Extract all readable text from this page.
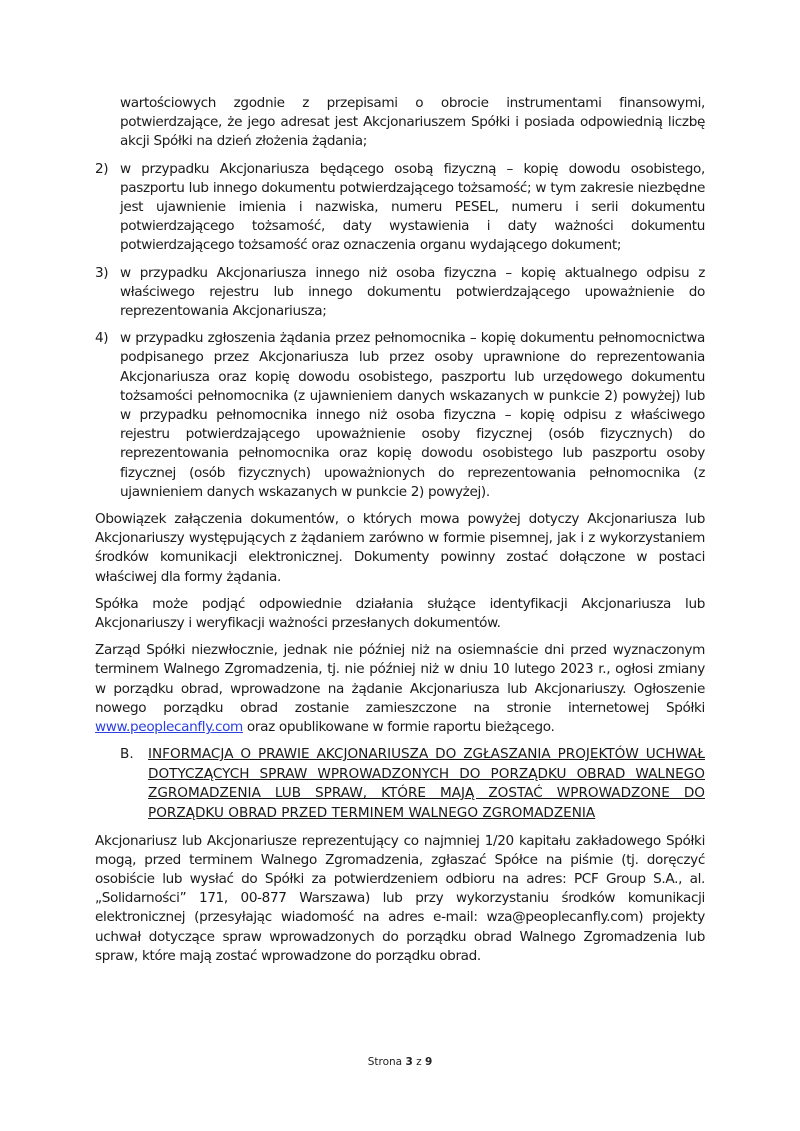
wartościowych zgodnie z przepisami o obrocie instrumentami finansowymi, potwierdzające, że jego adresat jest Akcjonariuszem Spółki i posiada odpowiednią liczbę akcji Spółki na dzień złożenia żądania;

2) w przypadku Akcjonariusza będącego osobą fizyczną – kopię dowodu osobistego, paszportu lub innego dokumentu potwierdzającego tożsamość; w tym zakresie niezbędne jest ujawnienie imienia i nazwiska, numeru PESEL, numeru i serii dokumentu potwierdzającego tożsamość, daty wystawienia i daty ważności dokumentu potwierdzającego tożsamość oraz oznaczenia organu wydającego dokument;
3) w przypadku Akcjonariusza innego niż osoba fizyczna – kopię aktualnego odpisu z właściwego rejestru lub innego dokumentu potwierdzającego upoważnienie do reprezentowania Akcjonariusza;
4) w przypadku zgłoszenia żądania przez pełnomocnika – kopię dokumentu pełnomocnictwa podpisanego przez Akcjonariusza lub przez osoby uprawnione do reprezentowania Akcjonariusza oraz kopię dowodu osobistego, paszportu lub urzędowego dokumentu tożsamości pełnomocnika (z ujawnieniem danych wskazanych w punkcie 2) powyżej) lub w przypadku pełnomocnika innego niż osoba fizyczna – kopię odpisu z właściwego rejestru potwierdzającego upoważnienie osoby fizycznej (osób fizycznych) do reprezentowania pełnomocnika oraz kopię dowodu osobistego lub paszportu osoby fizycznej (osób fizycznych) upoważnionych do reprezentowania pełnomocnika (z ujawnieniem danych wskazanych w punkcie 2) powyżej).

Obowiązek załączenia dokumentów, o których mowa powyżej dotyczy Akcjonariusza lub Akcjonariuszy występujących z żądaniem zarówno w formie pisemnej, jak i z wykorzystaniem środków komunikacji elektronicznej. Dokumenty powinny zostać dołączone w postaci właściwej dla formy żądania.

Spółka może podjąć odpowiednie działania służące identyfikacji Akcjonariusza lub Akcjonariuszy i weryfikacji ważności przesłanych dokumentów.

Zarząd Spółki niezwłocznie, jednak nie później niż na osiemnaście dni przed wyznaczonym terminem Walnego Zgromadzenia, tj. nie później niż w dniu 10 lutego 2023 r., ogłosi zmiany w porządku obrad, wprowadzone na żądanie Akcjonariusza lub Akcjonariuszy. Ogłoszenie nowego porządku obrad zostanie zamieszczone na stronie internetowej Spółki www.peoplecanfly.com oraz opublikowane w formie raportu bieżącego.

B.	INFORMACJA O PRAWIE AKCJONARIUSZA DO ZGŁASZANIA PROJEKTÓW UCHWAŁ DOTYCZĄCYCH SPRAW WPROWADZONYCH DO PORZĄDKU OBRAD WALNEGO ZGROMADZENIA LUB SPRAW, KTÓRE MAJĄ ZOSTAĆ WPROWADZONE DO PORZĄDKU OBRAD PRZED TERMINEM WALNEGO ZGROMADZENIA

Akcjonariusz lub Akcjonariusze reprezentujący co najmniej 1/20 kapitału zakładowego Spółki mogą, przed terminem Walnego Zgromadzenia, zgłaszać Spółce na piśmie (tj. doręczyć osobiście lub wysłać do Spółki za potwierdzeniem odbioru na adres: PCF Group S.A., al. „Solidarności” 171, 00-877 Warszawa) lub przy wykorzystaniu środków komunikacji elektronicznej (przesyłając wiadomość na adres e-mail: wza@peoplecanfly.com) projekty uchwał dotyczące spraw wprowadzonych do porządku obrad Walnego Zgromadzenia lub spraw, które mają zostać wprowadzone do porządku obrad.

Strona 3 z 9
